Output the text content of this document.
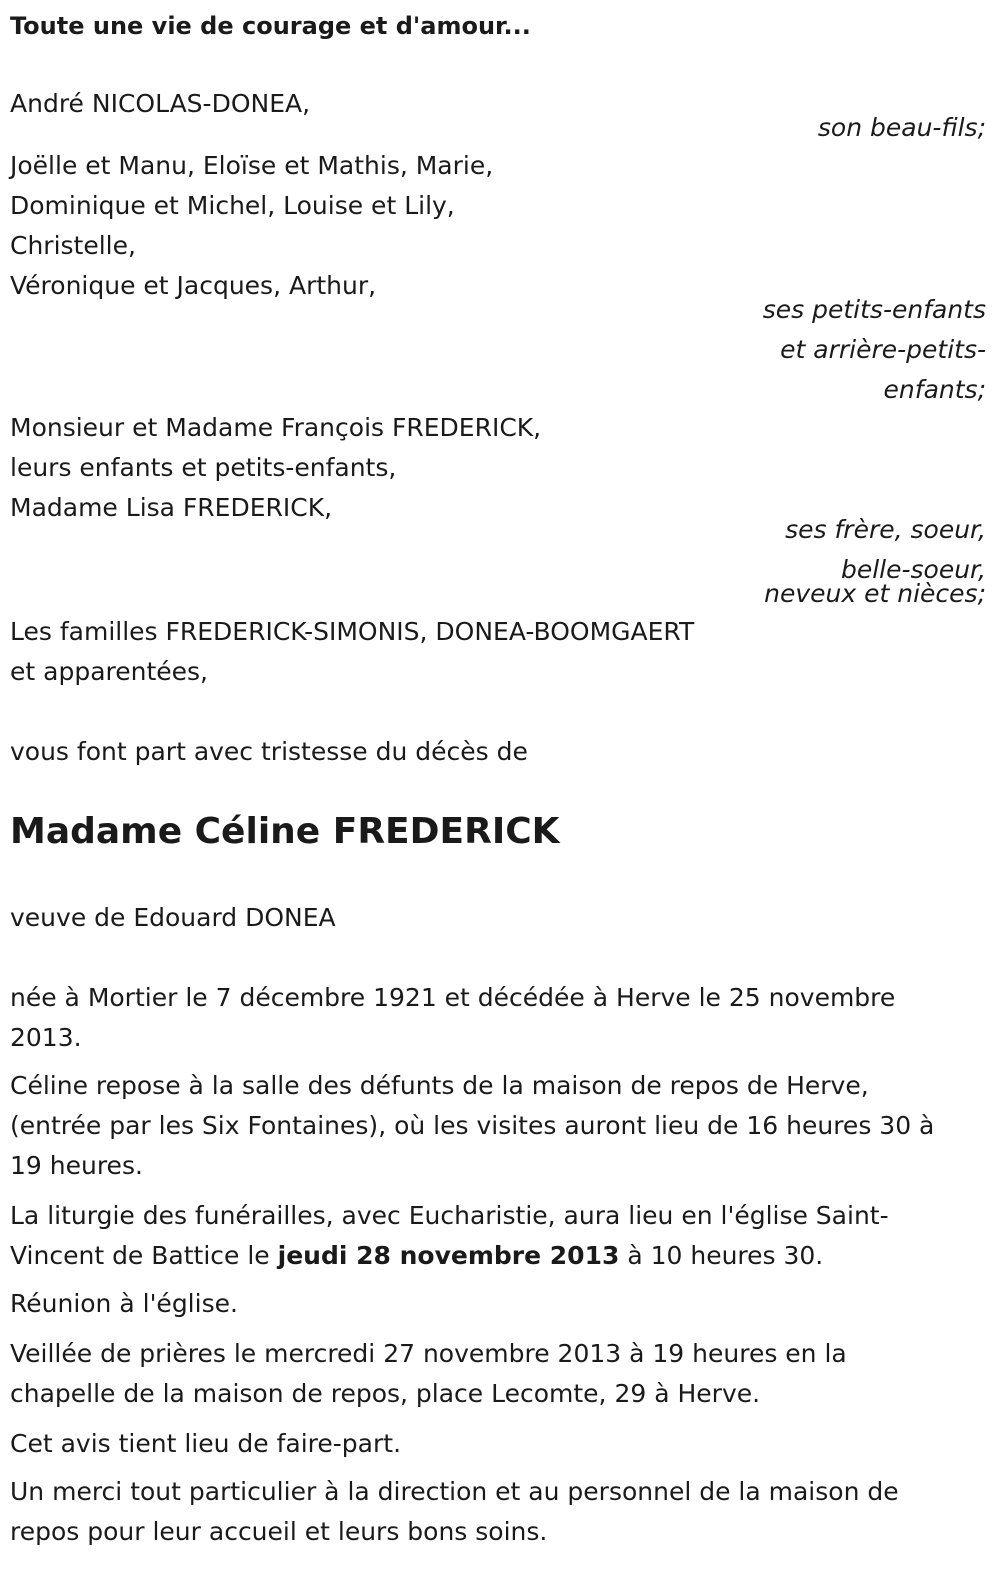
Toute une vie de courage et d'amour...
André NICOLAS-DONEA,
son beau-fils;
Joëlle et Manu, Eloïse et Mathis, Marie,
Dominique et Michel, Louise et Lily,
Christelle,
Véronique et Jacques, Arthur,
ses petits-enfants
et arrière-petits-
enfants;
Monsieur et Madame François FREDERICK,
leurs enfants et petits-enfants,
Madame Lisa FREDERICK,
ses frère, soeur,
belle-soeur,
neveux et nièces;
Les familles FREDERICK-SIMONIS, DONEA-BOOMGAERT
et apparentées,
vous font part avec tristesse du décès de
Madame Céline FREDERICK
veuve de Edouard DONEA
née à Mortier le 7 décembre 1921 et décédée à Herve le 25 novembre
2013.
Céline repose à la salle des défunts de la maison de repos de Herve,
(entrée par les Six Fontaines), où les visites auront lieu de 16 heures 30 à
19 heures.
La liturgie des funérailles, avec Eucharistie, aura lieu en l'église Saint-
Vincent de Battice le jeudi 28 novembre 2013 à 10 heures 30.
Réunion à l'église.
Veillée de prières le mercredi 27 novembre 2013 à 19 heures en la
chapelle de la maison de repos, place Lecomte, 29 à Herve.
Cet avis tient lieu de faire-part.
Un merci tout particulier à la direction et au personnel de la maison de
repos pour leur accueil et leurs bons soins.
